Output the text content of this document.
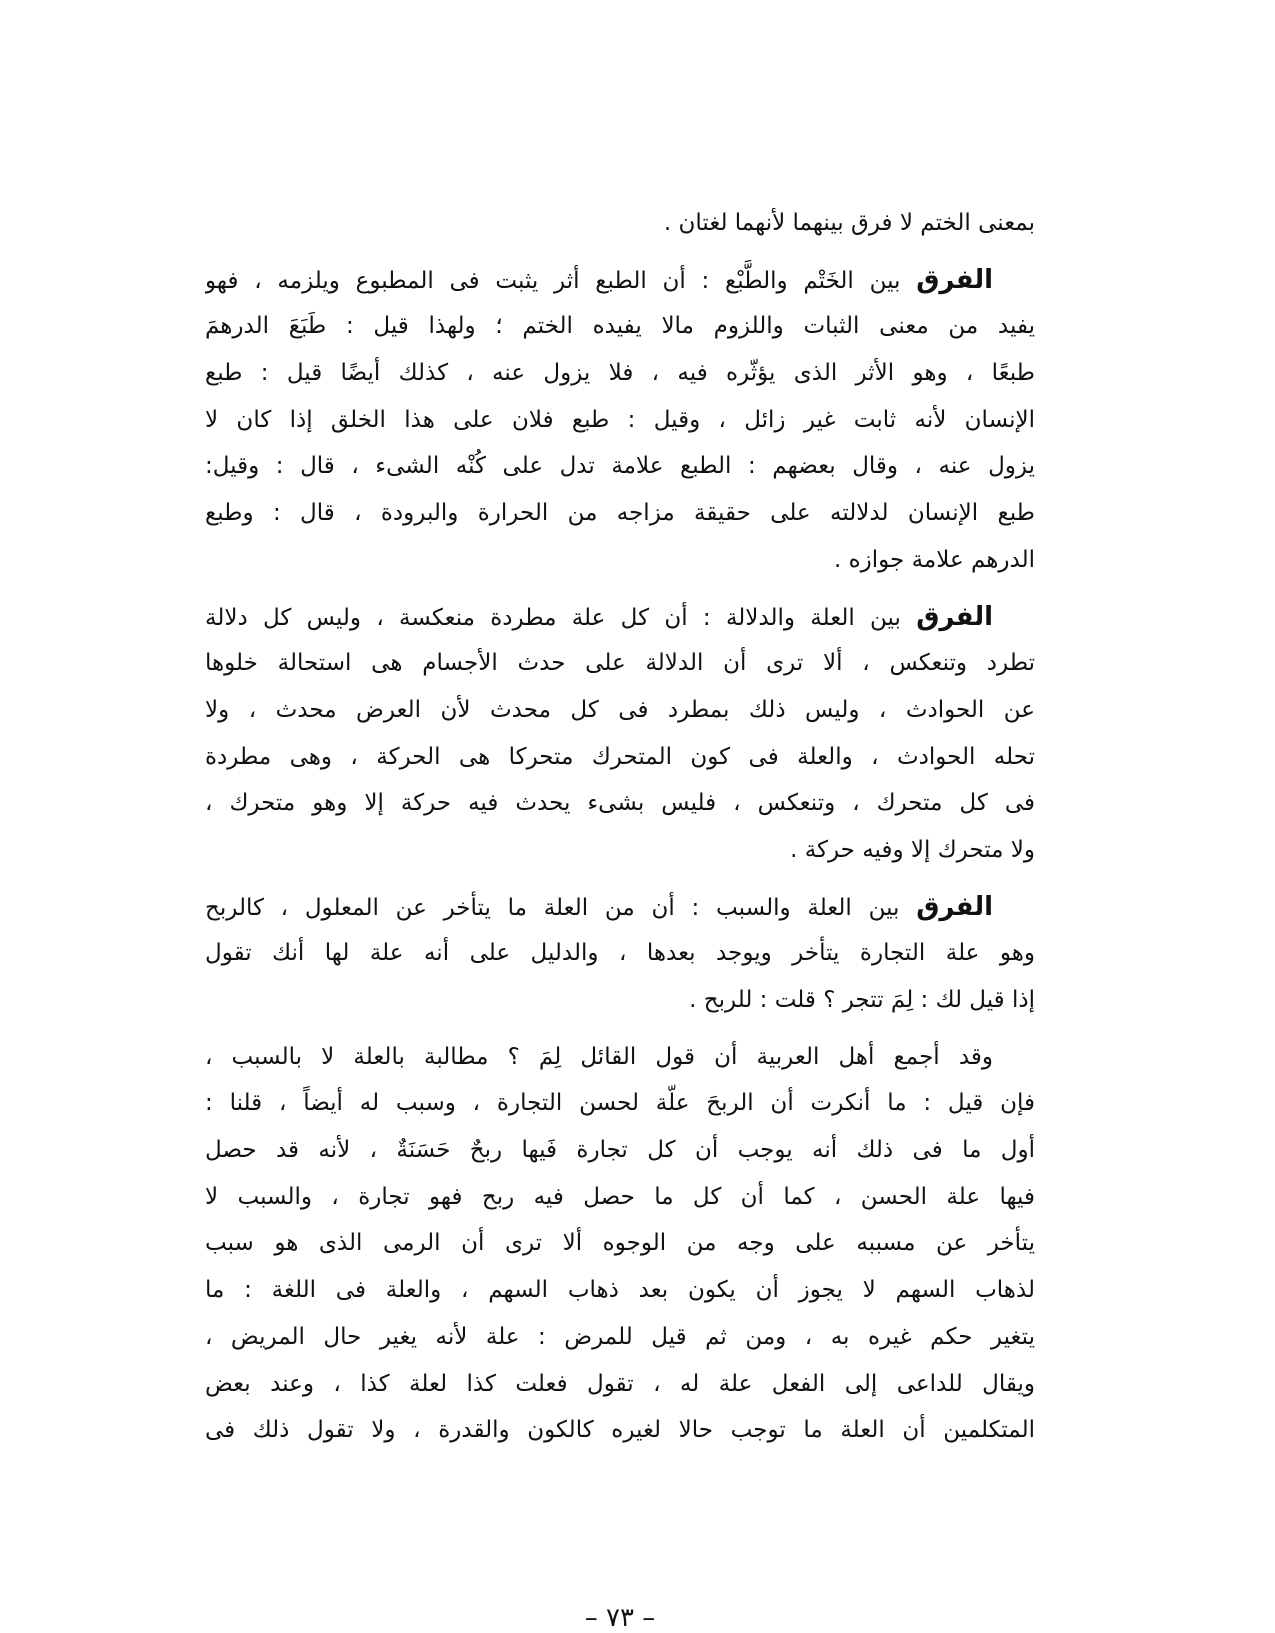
بمعنى الختم لا فرق بينهما لأنهما لغتان .
الفرق بين الخَتْم والطَّبْع : أن الطبع أثر يثبت فى المطبوع ويلزمه ، فهو
يفيد من معنى الثبات واللزوم مالا يفيده الختم ؛ ولهذا قيل : طَبَعَ الدرهمَ
طبعًا ، وهو الأثر الذى يؤثّره فيه ، فلا يزول عنه ، كذلك أيضًا قيل : طبع
الإنسان لأنه ثابت غير زائل ، وقيل : طبع فلان على هذا الخلق إذا كان لا
يزول عنه ، وقال بعضهم : الطبع علامة تدل على كُنْه الشىء ، قال : وقيل:
طبع الإنسان لدلالته على حقيقة مزاجه من الحرارة والبرودة ، قال : وطبع
الدرهم علامة جوازه .
الفرق بين العلة والدلالة : أن كل علة مطردة منعكسة ، وليس كل دلالة
تطرد وتنعكس ، ألا ترى أن الدلالة على حدث الأجسام هى استحالة خلوها
عن الحوادث ، وليس ذلك بمطرد فى كل محدث لأن العرض محدث ، ولا
تحله الحوادث ، والعلة فى كون المتحرك متحركا هى الحركة ، وهى مطردة
فى كل متحرك ، وتنعكس ، فليس بشىء يحدث فيه حركة إلا وهو متحرك ،
ولا متحرك إلا وفيه حركة .
الفرق بين العلة والسبب : أن من العلة ما يتأخر عن المعلول ، كالربح
وهو علة التجارة يتأخر ويوجد بعدها ، والدليل على أنه علة لها أنك تقول
إذا قيل لك : لِمَ تتجر ؟ قلت : للربح .
وقد أجمع أهل العربية أن قول القائل لِمَ ؟ مطالبة بالعلة لا بالسبب ،
فإن قيل : ما أنكرت أن الربحَ علّة لحسن التجارة ، وسبب له أيضاً ، قلنا :
أول ما فى ذلك أنه يوجب أن كل تجارة فَيها ربحٌ حَسَنَةٌ ، لأنه قد حصل
فيها علة الحسن ، كما أن كل ما حصل فيه ربح فهو تجارة ، والسبب لا
يتأخر عن مسببه على وجه من الوجوه ألا ترى أن الرمى الذى هو سبب
لذهاب السهم لا يجوز أن يكون بعد ذهاب السهم ، والعلة فى اللغة : ما
يتغير حكم غيره به ، ومن ثم قيل للمرض : علة لأنه يغير حال المريض ،
ويقال للداعى إلى الفعل علة له ، تقول فعلت كذا لعلة كذا ، وعند بعض
المتكلمين أن العلة ما توجب حالا لغيره كالكون والقدرة ، ولا تقول ذلك فى
– ٧٣ –
